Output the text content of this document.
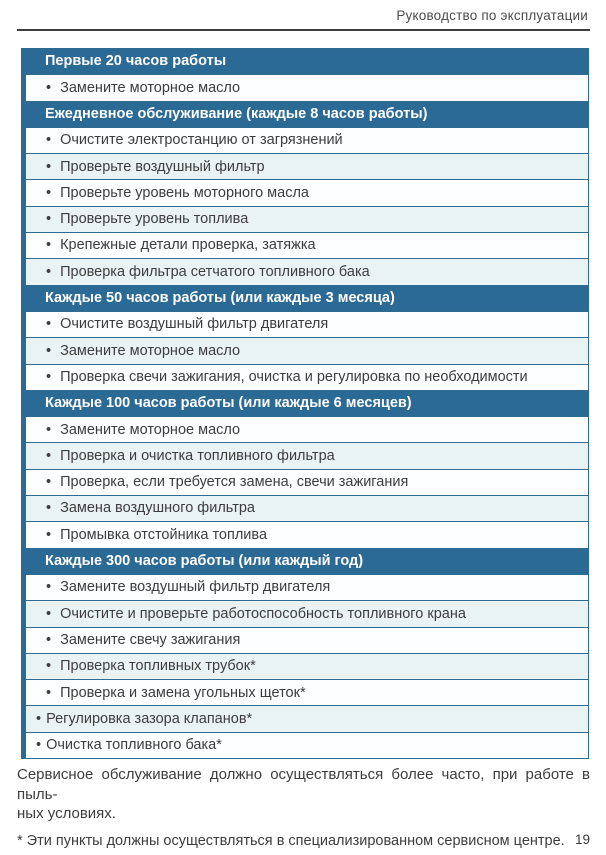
Руководство по эксплуатации
Первые 20 часов работы
• Замените моторное масло
Ежедневное обслуживание (каждые 8 часов работы)
• Очистите электростанцию от загрязнений
• Проверьте воздушный фильтр
• Проверьте уровень моторного масла
• Проверьте уровень топлива
• Крепежные детали проверка, затяжка
• Проверка фильтра сетчатого топливного бака
Каждые 50 часов работы (или каждые 3 месяца)
• Очистите воздушный фильтр двигателя
• Замените моторное масло
• Проверка свечи зажигания, очистка и регулировка по необходимости
Каждые 100 часов работы (или каждые 6 месяцев)
• Замените моторное масло
• Проверка и очистка топливного фильтра
• Проверка, если требуется замена, свечи зажигания
• Замена воздушного фильтра
• Промывка отстойника топлива
Каждые 300 часов работы (или каждый год)
• Замените воздушный фильтр двигателя
• Очистите и проверьте работоспособность топливного крана
• Замените свечу зажигания
• Проверка топливных трубок*
• Проверка и замена угольных щеток*
• Регулировка зазора клапанов*
• Очистка топливного бака*
Сервисное обслуживание должно осуществляться более часто, при работе в пыль-
ных условиях.
* Эти пункты должны осуществляться в специализированном сервисном центре. 19
